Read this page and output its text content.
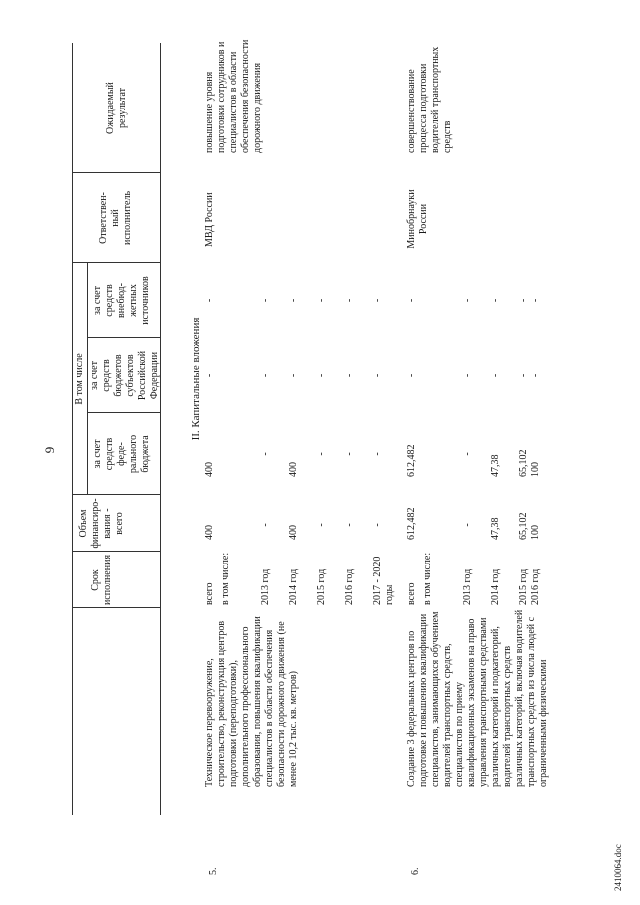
9
Срок
исполнения
Объем
финансиро-
вания -
всего
В том числе
за счет
средств
феде-
рального
бюджета
за счет
средств
бюджетов
субъектов
Российской
Федерации
за счет
средств
внебюд-
жетных
источников
Ответствен-
ный
исполнитель
Ожидаемый
результат
II. Капитальные вложения
5.
Техническое перевооружение, строительство, реконструкция центров подготовки (переподготовки), дополнительного профессионального образования, повышения квалификации специалистов в области обеспечения безопасности дорожного движения (не менее 10,2 тыс. кв. метров)
МВД России
повышение уровня подготовки сотрудников и специалистов в области обеспечения безопасности дорожного движения
всего
400
400
-
-
в том числе:	2013 год
-
-
-
-
2014 год
400
400
-
-
2015 год
-
-
-
-
2016 год
-
-
-
-
2017 - 2020 годы
-
-
-
-
6.
Создание 3 федеральных центров по подготовке и повышению квалификации специалистов, занимающихся обучением водителей транспортных средств, специалистов по приему квалификационных экзаменов на право управления транспортными средствами различных категорий и подкатегорий, водителей транспортных средств различных категорий, включая водителей транспортных средств из числа людей с ограниченными физическими
Минобрнауки России
совершенствование процесса подготовки водителей транспортных средств
всего
612,482
612,482
-
-
в том числе:	2013 год
-
-
-
-
2014 год
47,38
47,38
-
-
2015 год
65,102
65,102
-
-
2016 год
100
100
-
-
2410064.doc
